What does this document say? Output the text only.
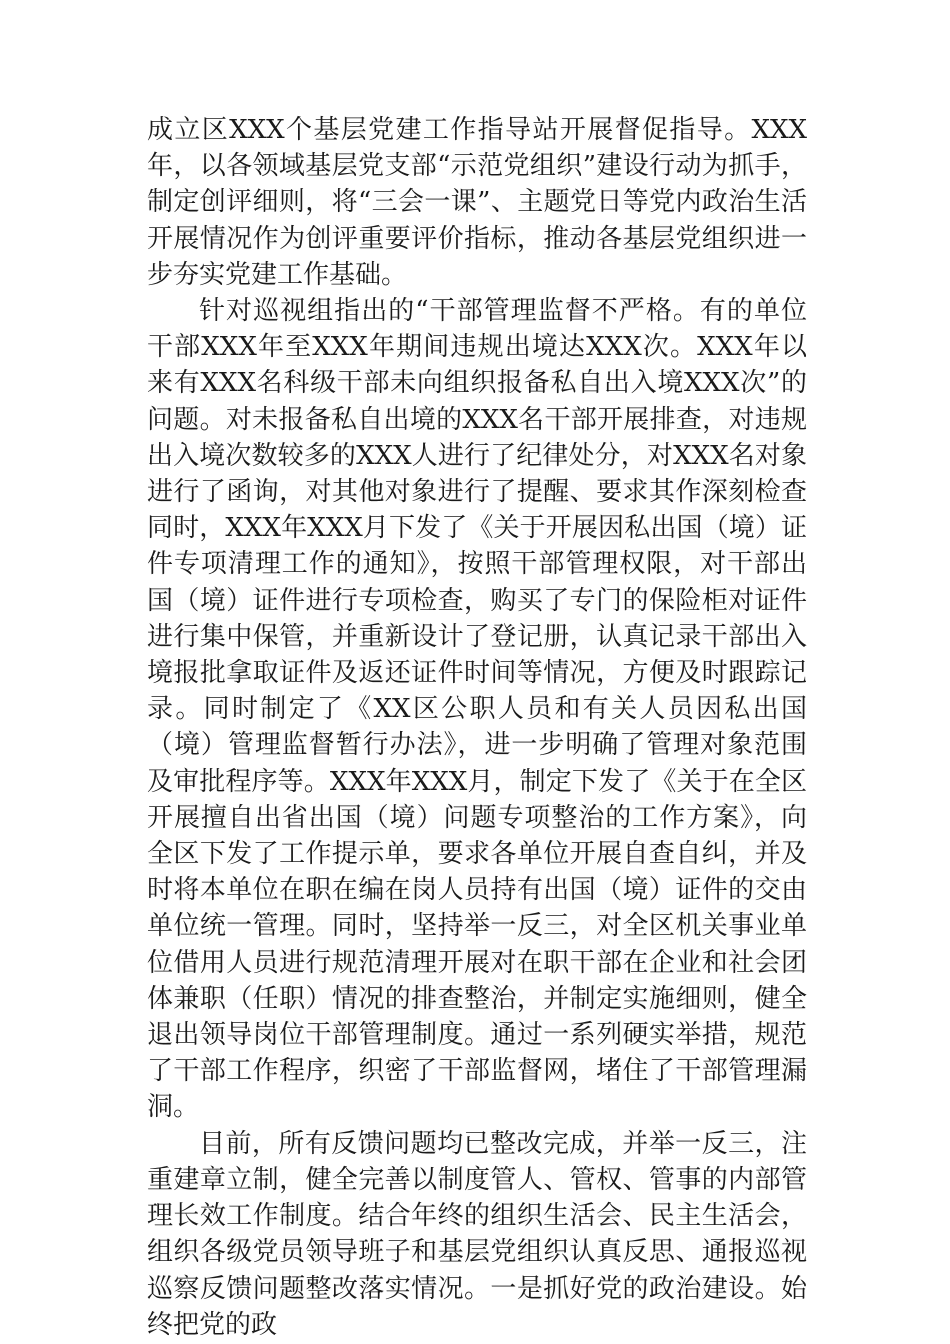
成立区XXX个基层党建工作指导站开展督促指导。XXX年，以各领域基层党支部“示范党组织”建设行动为抓手，制定创评细则，将“三会一课”、主题党日等党内政治生活开展情况作为创评重要评价指标，推动各基层党组织进一步夯实党建工作基础。

针对巡视组指出的“干部管理监督不严格。有的单位干部XXX年至XXX年期间违规出境达XXX次。XXX年以来有XXX名科级干部未向组织报备私自出入境XXX次”的问题。对未报备私自出境的XXX名干部开展排查，对违规出入境次数较多的XXX人进行了纪律处分，对XXX名对象进行了函询，对其他对象进行了提醒、要求其作深刻检查同时，XXX年XXX月下发了《关于开展因私出国（境）证件专项清理工作的通知》，按照干部管理权限，对干部出国（境）证件进行专项检查，购买了专门的保险柜对证件进行集中保管，并重新设计了登记册，认真记录干部出入境报批拿取证件及返还证件时间等情况，方便及时跟踪记录。同时制定了《XX区公职人员和有关人员因私出国（境）管理监督暂行办法》，进一步明确了管理对象范围及审批程序等。XXX年XXX月，制定下发了《关于在全区开展擅自出省出国（境）问题专项整治的工作方案》，向全区下发了工作提示单，要求各单位开展自查自纠，并及时将本单位在职在编在岗人员持有出国（境）证件的交由单位统一管理。同时，坚持举一反三，对全区机关事业单位借用人员进行规范清理开展对在职干部在企业和社会团体兼职（任职）情况的排查整治，并制定实施细则，健全退出领导岗位干部管理制度。通过一系列硬实举措，规范了干部工作程序，织密了干部监督网，堵住了干部管理漏洞。

目前，所有反馈问题均已整改完成，并举一反三，注重建章立制，健全完善以制度管人、管权、管事的内部管理长效工作制度。结合年终的组织生活会、民主生活会，组织各级党员领导班子和基层党组织认真反思、通报巡视巡察反馈问题整改落实情况。一是抓好党的政治建设。始终把党的政
